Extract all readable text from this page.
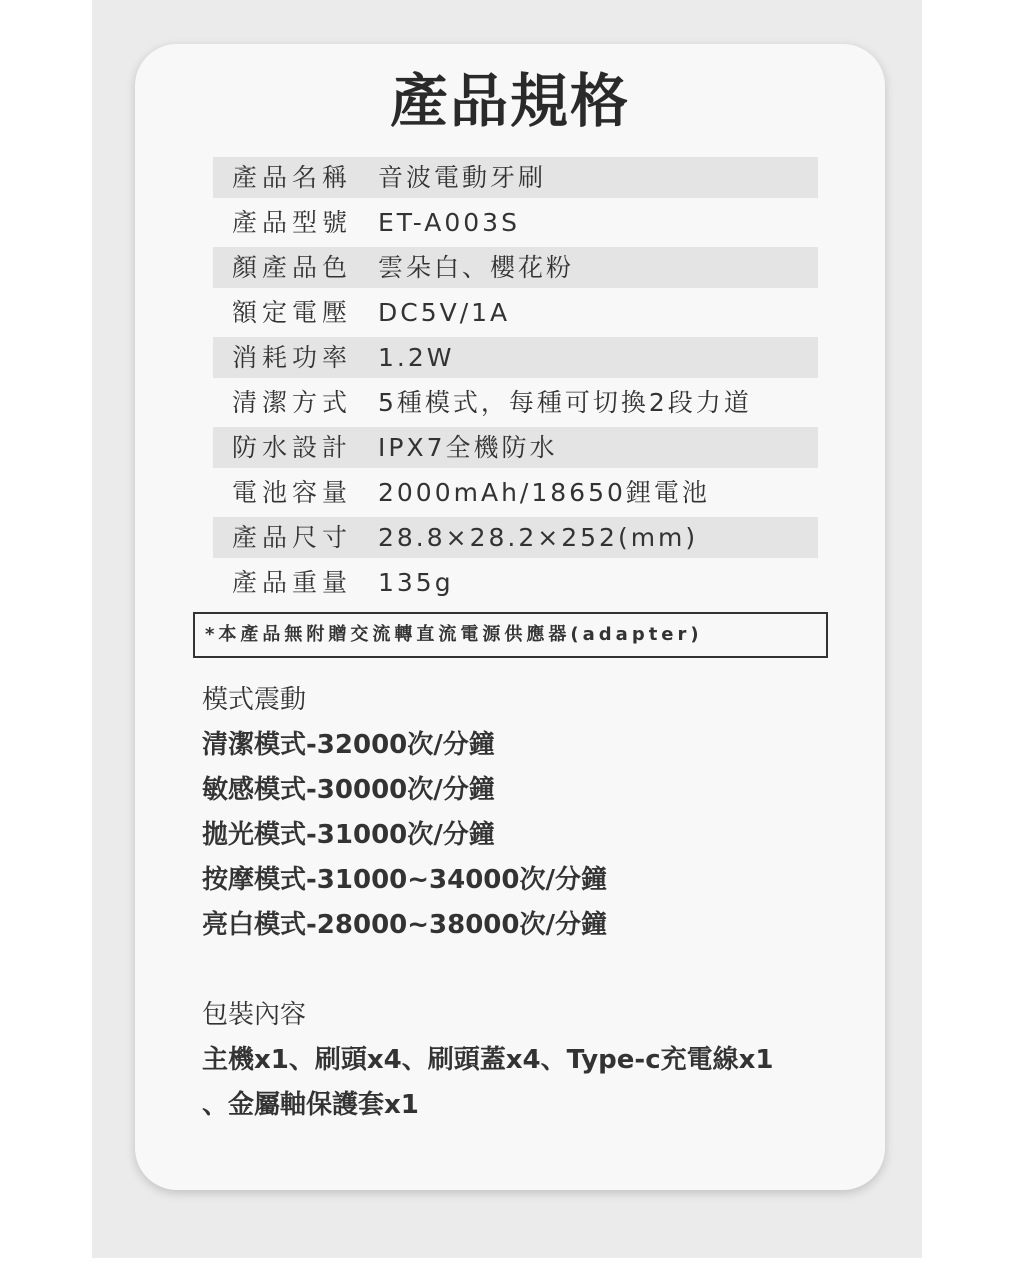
產品規格
產品名稱 音波電動牙刷
產品型號 ET-A003S
顏產品色 雲朵白、櫻花粉
額定電壓 DC5V/1A
消耗功率 1.2W
清潔方式 5種模式，每種可切換2段力道
防水設計 IPX7全機防水
電池容量 2000mAh/18650鋰電池
產品尺寸 28.8×28.2×252(mm)
產品重量 135g
*本產品無附贈交流轉直流電源供應器(adapter)
模式震動
清潔模式-32000次/分鐘
敏感模式-30000次/分鐘
拋光模式-31000次/分鐘
按摩模式-31000~34000次/分鐘
亮白模式-28000~38000次/分鐘
包裝內容
主機x1、刷頭x4、刷頭蓋x4、Type-c充電線x1
、金屬軸保護套x1
